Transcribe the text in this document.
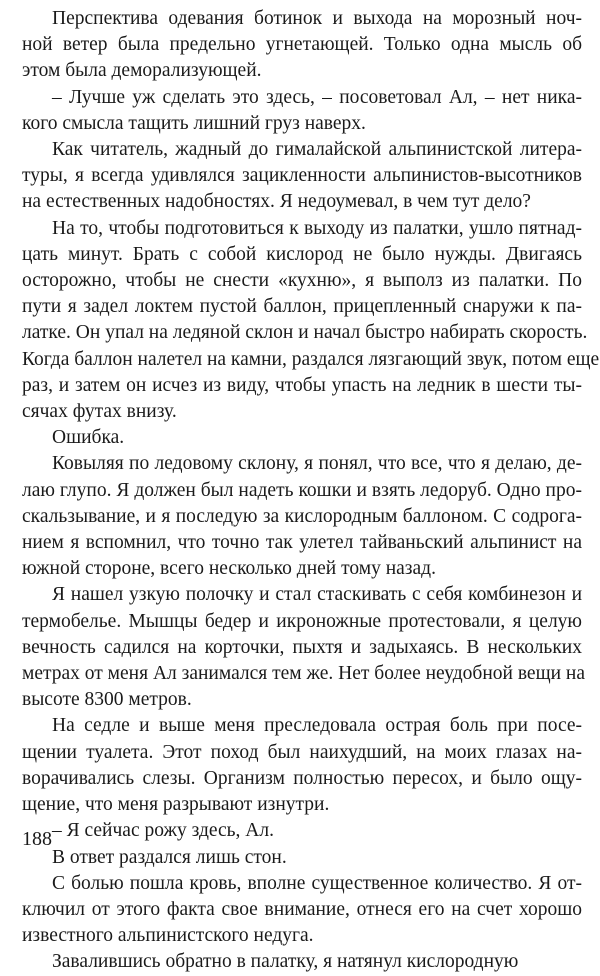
Перспектива одевания ботинок и выхода на морозный ноч-
ной ветер была предельно угнетающей. Только одна мысль об
этом была деморализующей.

– Лучше уж сделать это здесь, – посоветовал Ал, – нет ника-
кого смысла тащить лишний груз наверх.

Как читатель, жадный до гималайской альпинистской литера-
туры, я всегда удивлялся зацикленности альпинистов-высотников
на естественных надобностях. Я недоумевал, в чем тут дело?

На то, чтобы подготовиться к выходу из палатки, ушло пятнад-
цать минут. Брать с собой кислород не было нужды. Двигаясь
осторожно, чтобы не снести «кухню», я выполз из палатки. По
пути я задел локтем пустой баллон, прицепленный снаружи к па-
латке. Он упал на ледяной склон и начал быстро набирать скорость.
Когда баллон налетел на камни, раздался лязгающий звук, потом еще
раз, и затем он исчез из виду, чтобы упасть на ледник в шести ты-
сячах футах внизу.

Ошибка.

Ковыляя по ледовому склону, я понял, что все, что я делаю, де-
лаю глупо. Я должен был надеть кошки и взять ледоруб. Одно про-
скальзывание, и я последую за кислородным баллоном. С содрога-
нием я вспомнил, что точно так улетел тайваньский альпинист на
южной стороне, всего несколько дней тому назад.

Я нашел узкую полочку и стал стаскивать с себя комбинезон и
термобелье. Мышцы бедер и икроножные протестовали, я целую
вечность садился на корточки, пыхтя и задыхаясь. В нескольких
метрах от меня Ал занимался тем же. Нет более неудобной вещи на
высоте 8300 метров.

На седле и выше меня преследовала острая боль при посе-
щении туалета. Этот поход был наихудший, на моих глазах на-
ворачивались слезы. Организм полностью пересох, и было ощу-
щение, что меня разрывают изнутри.

– Я сейчас рожу здесь, Ал.

В ответ раздался лишь стон.

С болью пошла кровь, вполне существенное количество. Я от-
ключил от этого факта свое внимание, отнеся его на счет хорошо
известного альпинистского недуга.

Завалившись обратно в палатку, я натянул кислородную

188
